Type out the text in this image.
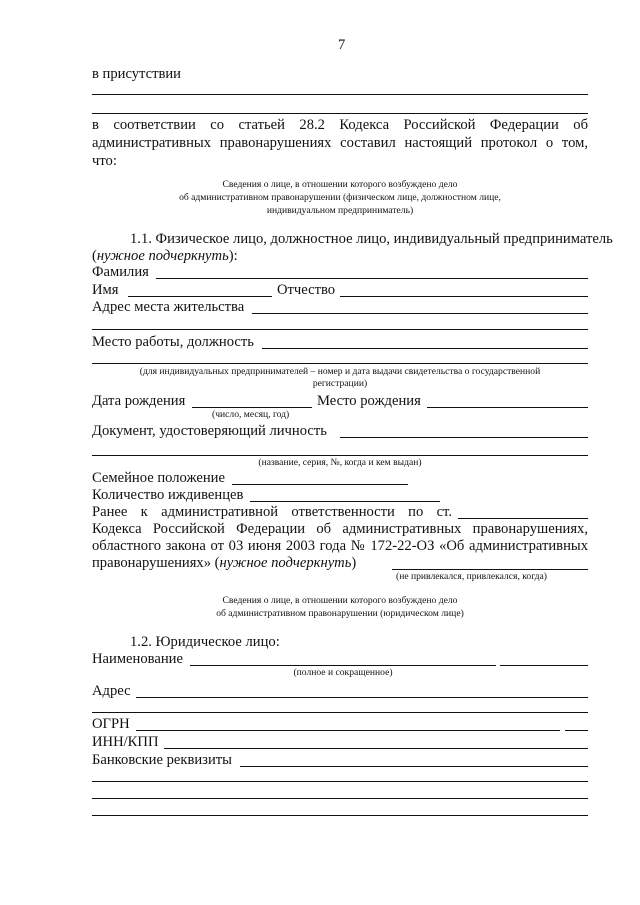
7
в присутствии
в соответствии со статьей 28.2 Кодекса Российской Федерации об
административных правонарушениях составил настоящий протокол о том,
что:
Сведения о лице, в отношении которого возбуждено дело
об административном правонарушении (физическом лице, должностном лице,
индивидуальном предприниматель)
1.1. Физическое лицо, должностное лицо, индивидуальный предприниматель
(нужное подчеркнуть):
Фамилия
Имя	Отчество
Адрес места жительства
Место работы, должность
(для индивидуальных предпринимателей – номер и дата выдачи свидетельства о государственной
регистрации)
Дата рождения	Место рождения
(число, месяц, год)
Документ, удостоверяющий личность
(название, серия, №, когда и кем выдан)
Семейное положение
Количество иждивенцев
Ранее к административной ответственности по ст.
Кодекса Российской Федерации об административных правонарушениях,
областного закона от 03 июня 2003 года № 172-22-ОЗ «Об административных
правонарушениях» (нужное подчеркнуть)
(не привлекался, привлекался, когда)
Сведения о лице, в отношении которого возбуждено дело
об административном правонарушении (юридическом лице)
1.2. Юридическое лицо:
Наименование
(полное и сокращенное)
Адрес
ОГРН
ИНН/КПП
Банковские реквизиты
